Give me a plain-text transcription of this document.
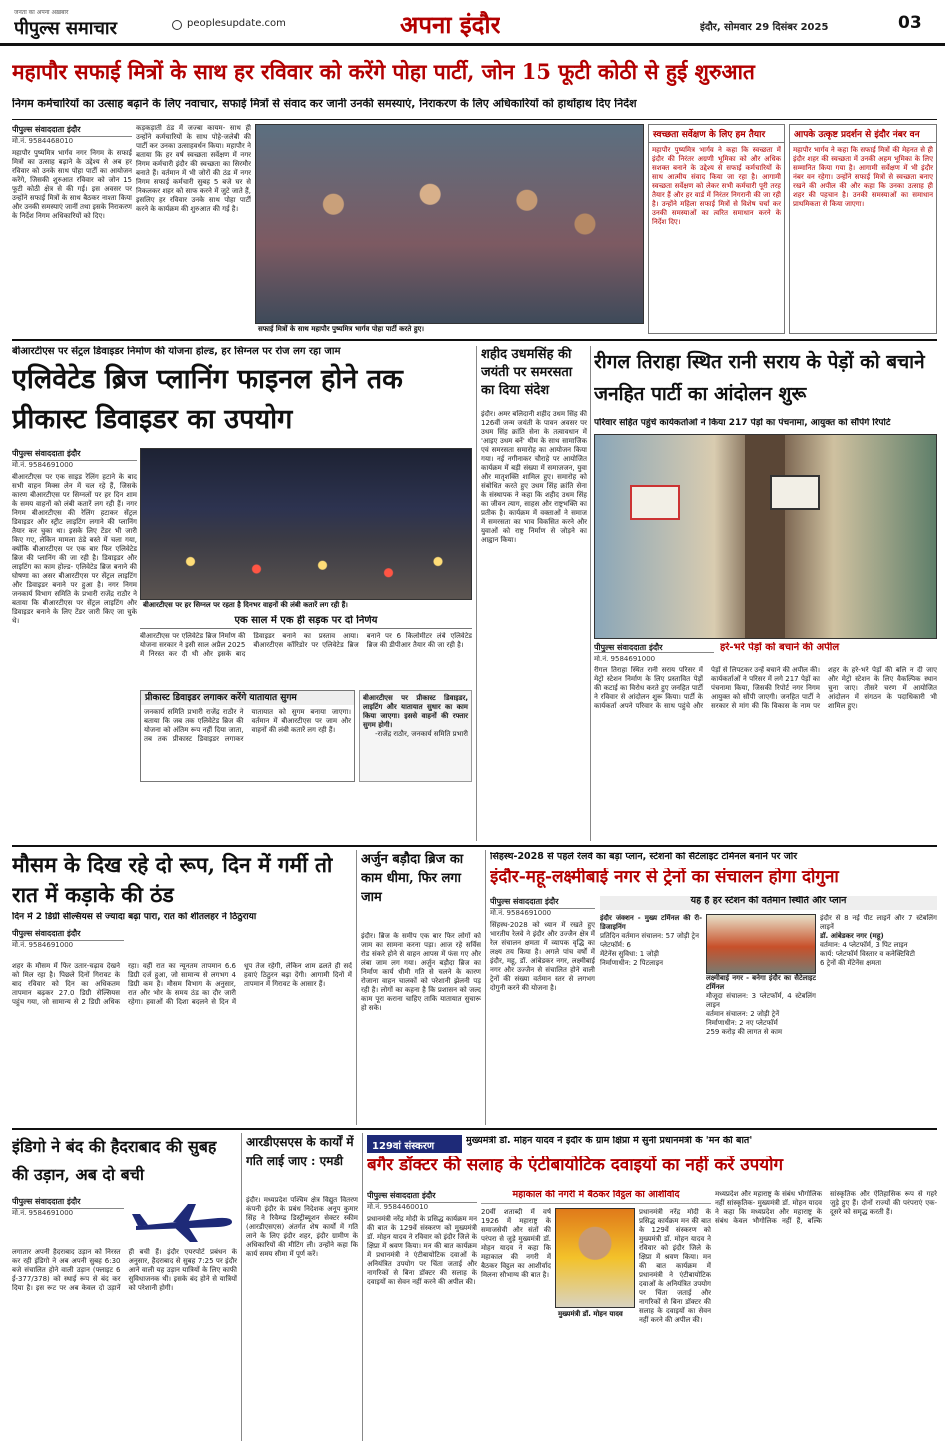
जनता का अपना अख़बार
पीपुल्स समाचार	peoplesupdate.com	अपना इंदौर	इंदौर, सोमवार 29 दिसंबर 2025	03
महापौर सफाई मित्रों के साथ हर रविवार को करेंगे पोहा पार्टी, जोन 15 फूटी कोठी से हुई शुरुआत
निगम कर्मचारियों का उत्साह बढ़ाने के लिए नवाचार, सफाई मित्रों से संवाद कर जानी उनकी समस्याएं, निराकरण के लिए अधिकारियों को हाथोंहाथ दिए निर्देश
पीपुल्स संवाददाता इंदौर
मो.नं. 9584468010
महापौर पुष्यमित्र भार्गव नगर निगम के सफाई मित्रों का उत्साह बढ़ाने के उद्देश्य से अब हर रविवार को उनके साथ पोहा पार्टी का आयोजन करेंगे, जिसकी शुरुआत रविवार को जोन 15 फूटी कोठी क्षेत्र से की गई। इस अवसर पर उन्होंने सफाई मित्रों के साथ बैठकर नाश्ता किया और उनकी समस्याएं जानीं तथा इसके निराकरण के निर्देश निगम अधिकारियों को दिए।
कड़कड़ाती ठंड में जज्बा कायम- साथ ही उन्होंने कर्मचारियों के साथ पोहे-जलेबी की पार्टी कर उनका उत्साहवर्धन किया। महापौर ने बताया कि हर वर्ष स्वच्छता सर्वेक्षण में नगर निगम कर्मचारी इंदौर की स्वच्छता का सिरमौर बनाते हैं। वर्तमान में भी जोरों की ठंड में नगर निगम सफाई कर्मचारी सुबह 5 बजे घर से निकलकर शहर को साफ करने में जुटे जाते हैं, इसलिए हर रविवार उनके साथ पोहा पार्टी करने के कार्यक्रम की शुरुआत की गई है।
सफाई मित्रों के साथ महापौर पुष्यमित्र भार्गव पोहा पार्टी करते हुए।
स्वच्छता सर्वेक्षण के लिए हम तैयार
महापौर पुष्यमित्र भार्गव ने कहा कि स्वच्छता में इंदौर की निरंतर अग्रणी भूमिका को और अधिक सशक्त बनाने के उद्देश्य से सफाई कर्मचारियों के साथ आत्मीय संवाद किया जा रहा है। आगामी स्वच्छता सर्वेक्षण को लेकर सभी कर्मचारी पूरी तरह तैयार हैं और हर वार्ड में निरंतर निगरानी की जा रही है। उन्होंने महिला सफाई मित्रों से विशेष चर्चा कर उनकी समस्याओं का त्वरित समाधान करने के निर्देश दिए।
आपके उत्कृष्ट प्रदर्शन से इंदौर नंबर वन
महापौर भार्गव ने कहा कि सफाई मित्रों की मेहनत से ही इंदौर शहर की स्वच्छता में उनकी अहम भूमिका के लिए सम्मानित किया गया है। आगामी सर्वेक्षण में भी इंदौर नंबर वन रहेगा। उन्होंने सफाई मित्रों से स्वच्छता बनाए रखने की अपील की और कहा कि उनका उत्साह ही शहर की पहचान है। उनकी समस्याओं का समाधान प्राथमिकता से किया जाएगा।
बीआरटीएस पर सेंट्रल डिवाइडर निर्माण की योजना होल्ड, हर सिग्नल पर रोज लग रहा जाम
एलिवेटेड ब्रिज प्लानिंग फाइनल होने तक प्रीकास्ट डिवाइडर का उपयोग
पीपुल्स संवाददाता इंदौर
मो.नं. 9584691000
बीआरटीएस पर एक साइड रेलिंग हटाने के बाद सभी वाहन मिक्स लेन में चल रहे हैं, जिसके कारण बीआरटीएस पर सिग्नलों पर हर दिन शाम के समय वाहनों को लंबी कतारें लग रही हैं। नगर निगम बीआरटीएस की रेलिंग हटाकर सेंट्रल डिवाइडर और स्ट्रीट लाइटिंग लगाने की प्लानिंग तैयार कर चुका था। इसके लिए टेंडर भी जारी किए गए, लेकिन मामला ठंडे बस्ते में चला गया, क्योंकि बीआरटीएस पर एक बार फिर एलिवेटेड ब्रिज की प्लानिंग की जा रही है। डिवाइडर और लाइटिंग का काम होल्ड- एलिवेटेड ब्रिज बनाने की घोषणा का असर बीआरटीएस पर सेंट्रल लाइटिंग और डिवाइडर बनाने पर हुआ है। नगर निगम जनकार्य विभाग समिति के प्रभारी राजेंद्र राठौर ने बताया कि बीआरटीएस पर सेंट्रल लाइटिंग और डिवाइडर बनाने के लिए टेंडर जारी किए जा चुके थे।
बीआरटीएस पर हर सिग्नल पर रहता है दिनभर वाहनों की लंबी कतारें लग रही हैं।
एक साल में एक ही सड़क पर दो निर्णय
बीआरटीएस पर एलिवेटेड ब्रिज निर्माण की योजना सरकार ने इसी साल अप्रैल 2025 में निरस्त कर दी थी और इसके बाद डिवाइडर बनाने का प्रस्ताव आया। बीआरटीएस कॉरिडोर पर एलिवेटेड ब्रिज बनाने पर 6 किलोमीटर लंबे एलिवेटेड ब्रिज की डीपीआर तैयार की जा रही है।
प्रीकास्ट डिवाइडर लगाकर करेंगे यातायात सुगम
जनकार्य समिति प्रभारी राजेंद्र राठौर ने बताया कि जब तक एलिवेटेड ब्रिज की योजना को अंतिम रूप नहीं दिया जाता, तब तक प्रीकास्ट डिवाइडर लगाकर यातायात को सुगम बनाया जाएगा। वर्तमान में बीआरटीएस पर जाम और वाहनों की लंबी कतारें लग रही हैं।
बीआरटीएस पर प्रीकास्ट डिवाइडर, लाइटिंग और यातायात सुधार का काम किया जाएगा। इससे वाहनों की रफ्तार सुगम होगी।
-राजेंद्र राठौर, जनकार्य समिति प्रभारी
शहीद उधमसिंह की जयंती पर समरसता का दिया संदेश
इंदौर। अमर बलिदानी शहीद उधम सिंह की 126वीं जन्म जयंती के पावन अवसर पर उधम सिंह क्रांति सेना के तत्वावधान में 'आइए उधम बनें' थीम के साथ सामाजिक एवं समरसता समारोह का आयोजन किया गया। नई नगीनाकर चौराहे पर आयोजित कार्यक्रम में बड़ी संख्या में समाजजन, युवा और मातृशक्ति शामिल हुए। समारोह को संबोधित करते हुए उधम सिंह क्रांति सेना के संस्थापक ने कहा कि शहीद उधम सिंह का जीवन त्याग, साहस और राष्ट्रभक्ति का प्रतीक है। कार्यक्रम में वक्ताओं ने समाज में समरसता का भाव विकसित करने और युवाओं को राष्ट्र निर्माण से जोड़ने का आह्वान किया।
रीगल तिराहा स्थित रानी सराय के पेड़ों को बचाने जनहित पार्टी का आंदोलन शुरू
परिवार सहित पहुंचे कार्यकर्ताओं ने किया 217 पेड़ों का पंचनामा, आयुक्त को सौंपेंगे रिपोर्ट
पीपुल्स संवाददाता इंदौर
मो.नं. 9584691000
हरे-भरे पेड़ों को बचाने की अपील
रीगल तिराहा स्थित रानी सराय परिसर में मेट्रो स्टेशन निर्माण के लिए प्रस्तावित पेड़ों की कटाई का विरोध करते हुए जनहित पार्टी ने रविवार से आंदोलन शुरू किया। पार्टी के कार्यकर्ता अपने परिवार के साथ पहुंचे और पेड़ों से लिपटकर उन्हें बचाने की अपील की। कार्यकर्ताओं ने परिसर में लगे 217 पेड़ों का पंचनामा किया, जिसकी रिपोर्ट नगर निगम आयुक्त को सौंपी जाएगी। जनहित पार्टी ने सरकार से मांग की कि विकास के नाम पर शहर के हरे-भरे पेड़ों की बलि न दी जाए और मेट्रो स्टेशन के लिए वैकल्पिक स्थान चुना जाए। तीसरे चरण में आयोजित आंदोलन में संगठन के पदाधिकारी भी शामिल हुए।
मौसम के दिख रहे दो रूप, दिन में गर्मी तो रात में कड़ाके की ठंड
दिन में 2 डिग्री सेल्सियस से ज्यादा बढ़ा पारा, रात को शीतलहर ने ठिठुराया
पीपुल्स संवाददाता इंदौर
मो.नं. 9584691000
शहर के मौसम में फिर उतार-चढ़ाव देखने को मिल रहा है। पिछले दिनों गिरावट के बाद रविवार को दिन का अधिकतम तापमान बढ़कर 27.0 डिग्री सेल्सियस पहुंच गया, जो सामान्य से 2 डिग्री अधिक रहा। वहीं रात का न्यूनतम तापमान 6.6 डिग्री दर्ज हुआ, जो सामान्य से लगभग 4 डिग्री कम है। मौसम विभाग के अनुसार, रात और भोर के समय ठंड का दौर जारी रहेगा। हवाओं की दिशा बदलने से दिन में धूप तेज रहेगी, लेकिन शाम ढलते ही सर्द हवाएं ठिठुरन बढ़ा देंगी। आगामी दिनों में तापमान में गिरावट के आसार हैं।
अर्जुन बड़ौदा ब्रिज का काम धीमा, फिर लगा जाम
इंदौर। ब्रिज के समीप एक बार फिर लोगों को जाम का सामना करना पड़ा। आज रहे सर्विस रोड संकरे होने से वाहन आपस में फंस गए और लंबा जाम लग गया। अर्जुन बड़ौदा ब्रिज का निर्माण कार्य धीमी गति से चलने के कारण रोजाना वाहन चालकों को परेशानी झेलनी पड़ रही है। लोगों का कहना है कि प्रशासन को जल्द काम पूरा कराना चाहिए ताकि यातायात सुचारू हो सके।
सिंहस्थ-2028 से पहले रेलवे का बड़ा प्लान, स्टेशनों को सैटेलाइट टर्मिनल बनाने पर जोर
इंदौर-महू-लक्ष्मीबाई नगर से ट्रेनों का संचालन होगा दोगुना
यह है हर स्टेशन की वर्तमान स्थिति और प्लान
पीपुल्स संवाददाता इंदौर
मो.नं. 9584691000
सिंहस्थ-2028 को ध्यान में रखते हुए भारतीय रेलवे ने इंदौर और उज्जैन क्षेत्र में रेल संचालन क्षमता में व्यापक वृद्धि का लक्ष्य तय किया है। अगले पांच वर्षों में इंदौर, महू, डॉ. आंबेडकर नगर, लक्ष्मीबाई नगर और उज्जैन से संचालित होने वाली ट्रेनों की संख्या वर्तमान स्तर से लगभग दोगुनी करने की योजना है।
इंदौर जंक्शन - मुख्य टर्मिनल की री-डिजाइनिंग
प्रतिदिन वर्तमान संचालन: 57 जोड़ी ट्रेन
प्लेटफॉर्म: 6
मेंटेनेंस सुविधा: 1 जोड़ी
निर्माणाधीन: 2 पिटलाइन
लक्ष्मीबाई नगर - बनेगा इंदौर का सैटेलाइट टर्मिनल
मौजूदा संचालन: 3 प्लेटफॉर्म, 4 स्टेबलिंग लाइन
वर्तमान संचालन: 2 जोड़ी ट्रेनें
निर्माणाधीन: 2 नए प्लेटफॉर्म
259 करोड़ की लागत से काम
इंदौर से 8 नई पीट लाइनें और 7 स्टेबलिंग लाइनें
डॉ. आंबेडकर नगर (महू)
वर्तमान: 4 प्लेटफॉर्म, 3 पिट लाइन
कार्य: प्लेटफॉर्म विस्तार व कनेक्टिविटी
6 ट्रेनों की मेंटेनेंस क्षमता
इंडिगो ने बंद की हैदराबाद की सुबह की उड़ान, अब दो बची
पीपुल्स संवाददाता इंदौर
मो.नं. 9584691000
लगातार अपनी हैदराबाद उड़ान को निरस्त कर रही इंडिगो ने अब अपनी सुबह 6:30 बजे संचालित होने वाली उड़ान (फ्लाइट 6 ई-377/378) को स्थाई रूप से बंद कर दिया है। इस रूट पर अब केवल दो उड़ानें ही बची हैं। इंदौर एयरपोर्ट प्रबंधन के अनुसार, हैदराबाद से सुबह 7:25 पर इंदौर आने वाली यह उड़ान यात्रियों के लिए काफी सुविधाजनक थी। इसके बंद होने से यात्रियों को परेशानी होगी।
आरडीएसएस के कार्यों में गति लाई जाए : एमडी
इंदौर। मध्यप्रदेश पश्चिम क्षेत्र विद्युत वितरण कंपनी इंदौर के प्रबंध निदेशक अनूप कुमार सिंह ने रिवैम्प्ड डिस्ट्रीब्यूशन सेक्टर स्कीम (आरडीएसएस) अंतर्गत शेष कार्यों में गति लाने के लिए इंदौर शहर, इंदौर ग्रामीण के अधिकारियों की मीटिंग ली। उन्होंने कहा कि कार्य समय सीमा में पूर्ण करें।
129वां संस्करण
मुख्यमंत्री डॉ. मोहन यादव ने इंदौर के ग्राम क्षिप्रा में सुनी प्रधानमंत्री के 'मन की बात'
बगैर डॉक्टर की सलाह के एंटीबायोटिक दवाइयों का नहीं करें उपयोग
पीपुल्स संवाददाता इंदौर
मो.नं. 9584460010
प्रधानमंत्री नरेंद्र मोदी के प्रसिद्ध कार्यक्रम मन की बात के 129वें संस्करण को मुख्यमंत्री डॉ. मोहन यादव ने रविवार को इंदौर जिले के क्षिप्रा में श्रवण किया। मन की बात कार्यक्रम में प्रधानमंत्री ने एंटीबायोटिक दवाओं के अनियंत्रित उपयोग पर चिंता जताई और नागरिकों से बिना डॉक्टर की सलाह के दवाइयों का सेवन नहीं करने की अपील की।
महाकाल की नगरी में बैठकर विट्ठल का आशीर्वाद
20वीं शताब्दी में वर्ष 1926 में महाराष्ट्र के समाजसेवी और संतों की परंपरा से जुड़े मुख्यमंत्री डॉ. मोहन यादव ने कहा कि महाकाल की नगरी में बैठकर विट्ठल का आशीर्वाद मिलना सौभाग्य की बात है।
मुख्यमंत्री डॉ. मोहन यादव
प्रधानमंत्री नरेंद्र मोदी के प्रसिद्ध कार्यक्रम मन की बात के 129वें संस्करण को मुख्यमंत्री डॉ. मोहन यादव ने रविवार को इंदौर जिले के क्षिप्रा में श्रवण किया। मन की बात कार्यक्रम में प्रधानमंत्री ने एंटीबायोटिक दवाओं के अनियंत्रित उपयोग पर चिंता जताई और नागरिकों से बिना डॉक्टर की सलाह के दवाइयों का सेवन नहीं करने की अपील की।
मध्यप्रदेश और महाराष्ट्र के संबंध भौगोलिक नहीं सांस्कृतिक- मुख्यमंत्री डॉ. मोहन यादव ने कहा कि मध्यप्रदेश और महाराष्ट्र के संबंध केवल भौगोलिक नहीं हैं, बल्कि सांस्कृतिक और ऐतिहासिक रूप से गहरे जुड़े हुए हैं। दोनों राज्यों की परंपराएं एक-दूसरे को समृद्ध करती हैं।
